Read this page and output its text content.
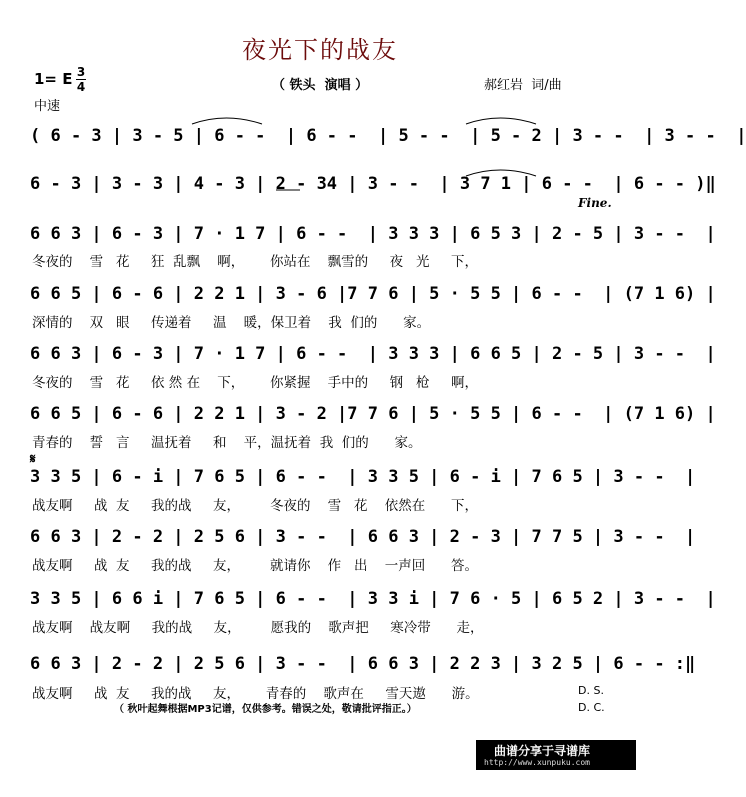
夜光下的战友
1= E 3
4	（ 铁头  演唱 ）	郝红岩  词/曲
中速
( 6 - 3 | 3 - 5 | 6 - -  | 6 - -  | 5 - -  | 5 - 2 | 3 - -  | 3 - -  |
6 - 3 | 3 - 3 | 4 - 3 | 2 - 34 | 3 - -  | 3 7 1 | 6 - -  | 6 - - )‖
Fine.
6 6 3 | 6 - 3 | 7 · 1 7 | 6 - -  | 3 3 3 | 6 5 3 | 2 - 5 | 3 - -  |
冬夜的    雪   花     狂  乱飘    啊，      你站在    飘雪的     夜   光     下，
6 6 5 | 6 - 6 | 2 2 1 | 3 - 6 |7 7 6 | 5 · 5 5 | 6 - -  | (7 1 6) |
深情的    双   眼     传递着     温    暖，保卫着    我  们的      家。
6 6 3 | 6 - 3 | 7 · 1 7 | 6 - -  | 3 3 3 | 6 6 5 | 2 - 5 | 3 - -  |
冬夜的    雪   花     依 然 在    下，      你紧握    手中的     钢   枪     啊，
6 6 5 | 6 - 6 | 2 2 1 | 3 - 2 |7 7 6 | 5 · 5 5 | 6 - -  | (7 1 6) |
青春的    誓   言     温抚着     和    平，温抚着  我  们的      家。
𝄋
3 3 5 | 6 - i | 7 6 5 | 6 - -  | 3 3 5 | 6 - i | 7 6 5 | 3 - -  |
战友啊     战  友     我的战     友，       冬夜的    雪   花    依然在      下，
6 6 3 | 2 - 2 | 2 5 6 | 3 - -  | 6 6 3 | 2 - 3 | 7 7 5 | 3 - -  |
战友啊     战  友     我的战     友，       就请你    作   出    一声回      答。
3 3 5 | 6 6 i | 7 6 5 | 6 - -  | 3 3 i | 7 6 · 5 | 6 5 2 | 3 - -  |
战友啊    战友啊     我的战     友，       愿我的    歌声把     寒冷带      走，
6 6 3 | 2 - 2 | 2 5 6 | 3 - -  | 6 6 3 | 2 2 3 | 3 2 5 | 6 - - :‖
战友啊     战  友     我的战     友，      青春的    歌声在     雪天遨      游。	D. S.
D. C.
（ 秋叶起舞根据MP3记谱，仅供参考。错误之处，敬请批评指正。）

曲谱分享于寻谱库

http://www.xunpuku.com
